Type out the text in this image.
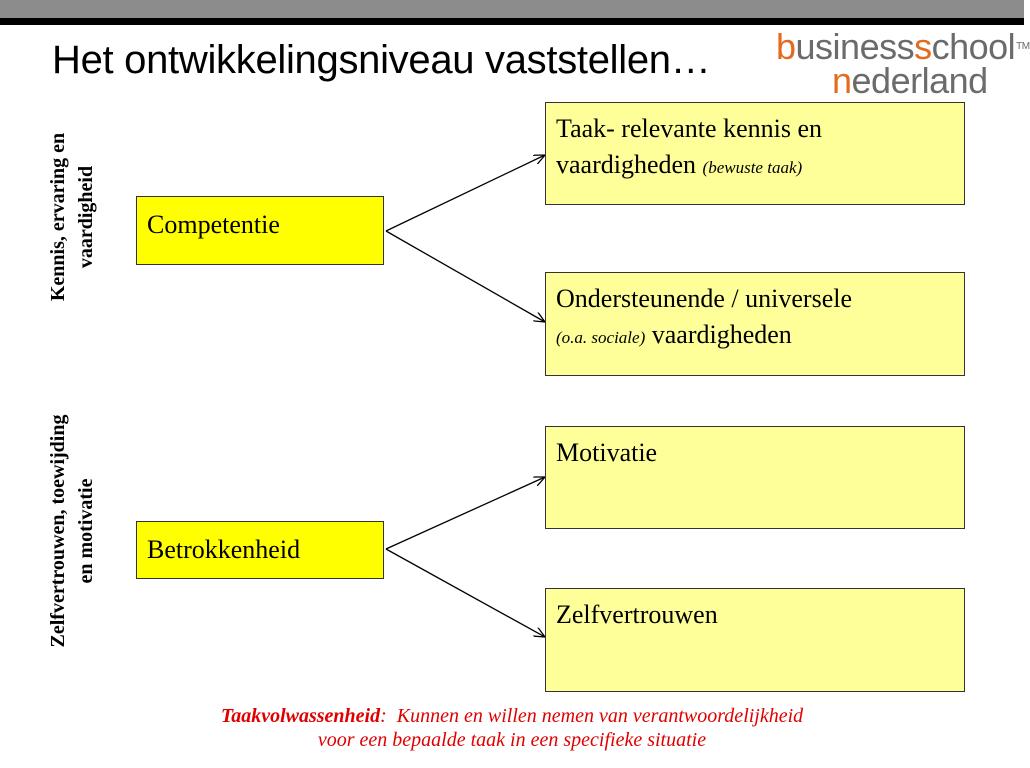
Het ontwikkelingsniveau vaststellen… businessschool™
nederland
Kennis, ervaring en vaardigheid
Zelfvertrouwen, toewijding en motivatie
Competentie
Betrokkenheid
Taak- relevante kennis en vaardigheden (bewuste taak)
Ondersteunende / universele
(o.a. sociale) vaardigheden
Motivatie
Zelfvertrouwen
Taakvolwassenheid: Kunnen en willen nemen van verantwoordelijkheid
voor een bepaalde taak in een specifieke situatie
